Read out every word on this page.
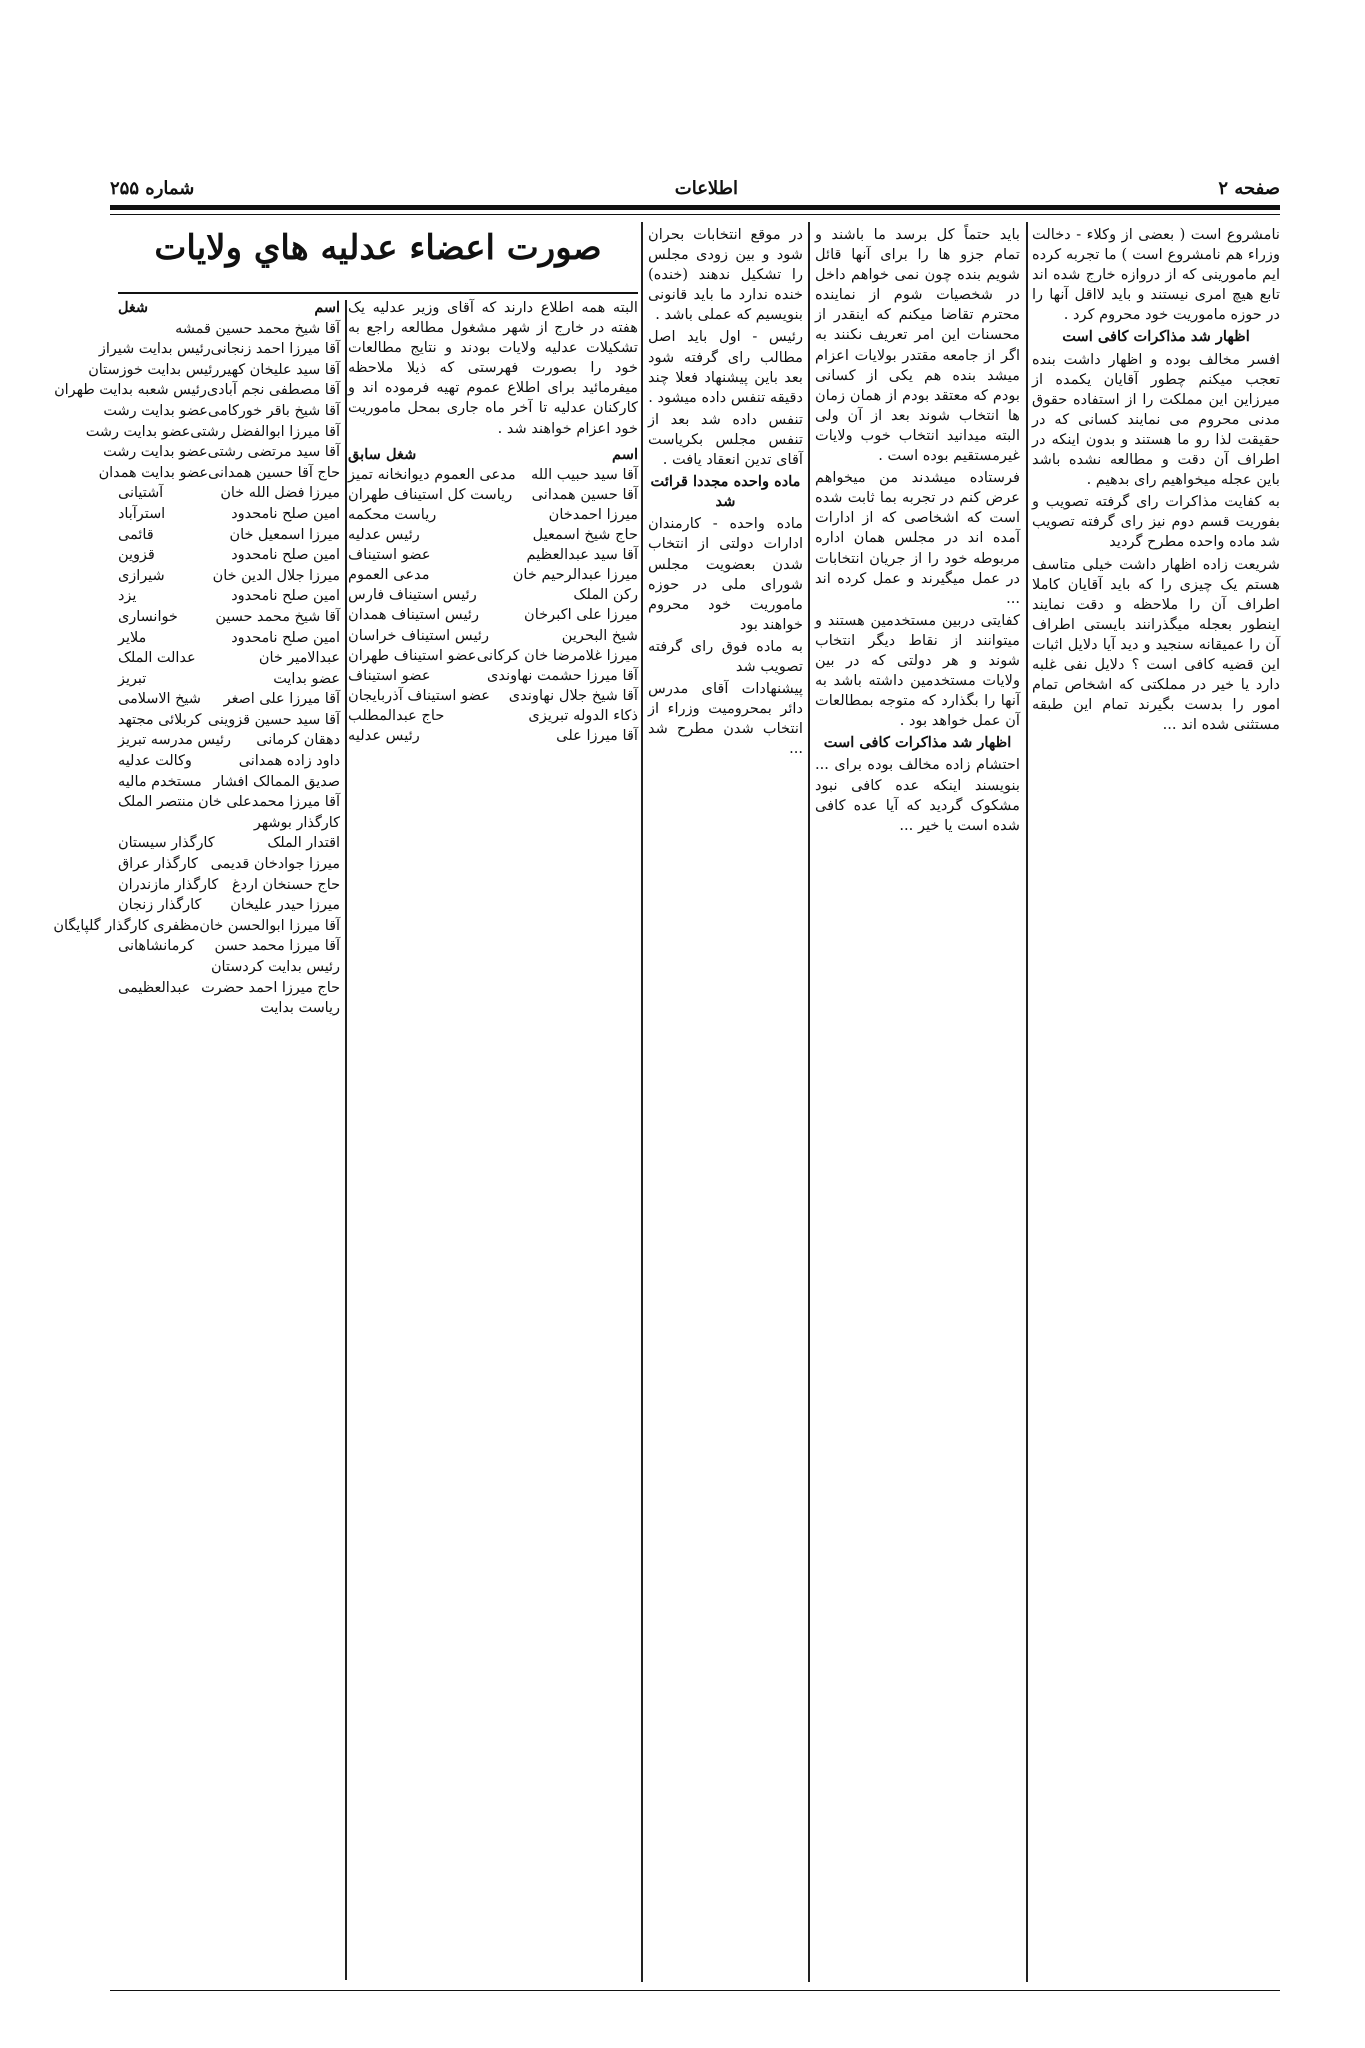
صفحه ۲
اطلاعات
شماره ۲۵۵

نامشروع است ( بعضی از وکلاء - دخالت وزراء هم نامشروع است ) ما تجربه کرده ایم مامورینی که از دروازه خارج شده اند تابع هیچ امری نیستند و باید لااقل آنها را در حوزه ماموریت خود محروم کرد .

اظهار شد مذاکرات کافی است

افسر مخالف بوده و اظهار داشت بنده تعجب میکنم چطور آقایان یکمده از میرزاین این مملکت را از استفاده حقوق مدنی محروم می نمایند کسانی که در حقیقت لذا رو ما هستند و بدون اینکه در اطراف آن دقت و مطالعه نشده باشد باین عجله میخواهیم رای بدهیم .

به کفایت مذاکرات رای گرفته تصویب و بفوریت قسم دوم نیز رای گرفته تصویب شد ماده واحده مطرح گردید

شریعت زاده اظهار داشت خیلی متاسف هستم یک چیزی را که باید آقایان کاملا اطراف آن را ملاحظه و دقت نمایند اینطور بعجله میگذرانند بایستی اطراف آن را عمیقانه سنجید و دید آیا دلایل اثبات این قضیه کافی است ؟ دلایل نفی غلبه دارد یا خیر در مملکتی که اشخاص تمام امور را بدست بگیرند تمام این طبقه مستثنی شده اند ...

باید حتماً کل برسد ما باشند و تمام جزو ها را برای آنها قائل شویم بنده چون نمی خواهم داخل در شخصیات شوم از نماینده محترم تقاضا میکنم که اینقدر از محسنات این امر تعریف نکنند به اگر از جامعه مقتدر بولایات اعزام میشد بنده هم یکی از کسانی بودم که معتقد بودم از همان زمان ها انتخاب شوند بعد از آن ولی البته میدانید انتخاب خوب ولایات غیرمستقیم بوده است .

فرستاده میشدند من میخواهم عرض کنم در تجربه بما ثابت شده است که اشخاصی که از ادارات آمده اند در مجلس همان اداره مربوطه خود را از جریان انتخابات در عمل میگیرند و عمل کرده اند ...

کفایتی دربین مستخدمین هستند و میتوانند از نقاط دیگر انتخاب شوند و هر دولتی که در بین ولایات مستخدمین داشته باشد به آنها را بگذارد که متوجه بمطالعات آن عمل خواهد بود .

اظهار شد مذاکرات کافی است

احتشام زاده مخالف بوده برای ... بنویسند اینکه عده کافی نبود مشکوک گردید که آیا عده کافی شده است یا خیر ...

در موقع انتخابات بحران شود و بین زودی مجلس را تشکیل ندهند (خنده) خنده ندارد ما باید قانونی بنویسیم که عملی باشد .

رئیس - اول باید اصل مطالب رای گرفته شود بعد باین پیشنهاد فعلا چند دقیقه تنفس داده میشود .

تنفس داده شد بعد از تنفس مجلس بکریاست آقای تدین انعقاد یافت .

ماده واحده مجددا قرائت شد

ماده واحده - کارمندان ادارات دولتی از انتخاب شدن بعضویت مجلس شورای ملی در حوزه ماموریت خود محروم خواهند بود

به ماده فوق رای گرفته تصویب شد

پیشنهادات آقای مدرس دائر بمحرومیت وزراء از انتخاب شدن مطرح شد ...

صورت اعضاء عدلیه هاي ولایات

البته همه اطلاع دارند که آقای وزیر عدلیه یک هفته در خارج از شهر مشغول مطالعه راجع به تشکیلات عدلیه ولایات بودند و نتایج مطالعات خود را بصورت فهرستی که ذیلا ملاحظه میفرمائید برای اطلاع عموم تهیه فرموده اند و کارکنان عدلیه تا آخر ماه جاری بمحل ماموریت خود اعزام خواهند شد .

اسم
شغل سابق
آقا سید حبیب الله
مدعی العموم دیوانخانه تمیز
آقا حسین همدانی
ریاست کل استیناف طهران
میرزا احمدخان
ریاست محکمه
حاج شیخ اسمعیل
رئیس عدلیه
آقا سید عبدالعظیم
عضو استیناف
میرزا عبدالرحیم خان
مدعی العموم
رکن الملک
رئیس استیناف فارس
میرزا علی اکبرخان
رئیس استیناف همدان
شیخ البحرین
رئیس استیناف خراسان
میرزا غلامرضا خان کرکانی
عضو استیناف طهران
آقا میرزا حشمت نهاوندی
عضو استیناف
آقا شیخ جلال نهاوندی
عضو استیناف آذربایجان
ذکاء الدوله تبریزی
حاج عبدالمطلب
آقا میرزا علی
رئیس عدلیه
اسم
شغل
آقا شیخ محمد حسین قمشه
آقا میرزا احمد زنجانی
رئیس بدایت شیراز
آقا سید علیخان کهیر
رئیس بدایت خوزستان
آقا مصطفی نجم آبادی
رئیس شعبه بدایت طهران
آقا شیخ باقر خورکامی
عضو بدایت رشت
آقا میرزا ابوالفضل رشتی
عضو بدایت رشت
آقا سید مرتضی رشتی
عضو بدایت رشت
حاج آقا حسین همدانی
عضو بدایت همدان
میرزا فضل الله خان
آشتیانی
امین صلح نامحدود
استرآباد
میرزا اسمعیل خان
قائمی
امین صلح نامحدود
قزوین
میرزا جلال الدین خان
شیرازی
امین صلح نامحدود
یزد
آقا شیخ محمد حسین
خوانساری
امین صلح نامحدود
ملایر
عبدالامیر خان
عدالت الملک
عضو بدایت
تبریز
آقا میرزا علی اصغر
شیخ الاسلامی
آقا سید حسین قزوینی
کربلائی مجتهد
دهقان کرمانی
رئیس مدرسه تبریز
داود زاده همدانی
وکالت عدلیه
صدیق الممالک افشار
مستخدم مالیه
آقا میرزا محمدعلی خان
منتصر الملک
کارگذار بوشهر
اقتدار الملک
کارگذار سیستان
میرزا جوادخان قدیمی
کارگذار عراق
حاج حسنخان اردغ
کارگذار مازندران
میرزا حیدر علیخان
کارگذار زنجان
آقا میرزا ابوالحسن خان
مظفری کارگذار گلپایگان
آقا میرزا محمد حسن
کرمانشاهانی
رئیس بدایت کردستان
حاج میرزا احمد حضرت
عبدالعظیمی
ریاست بدایت
